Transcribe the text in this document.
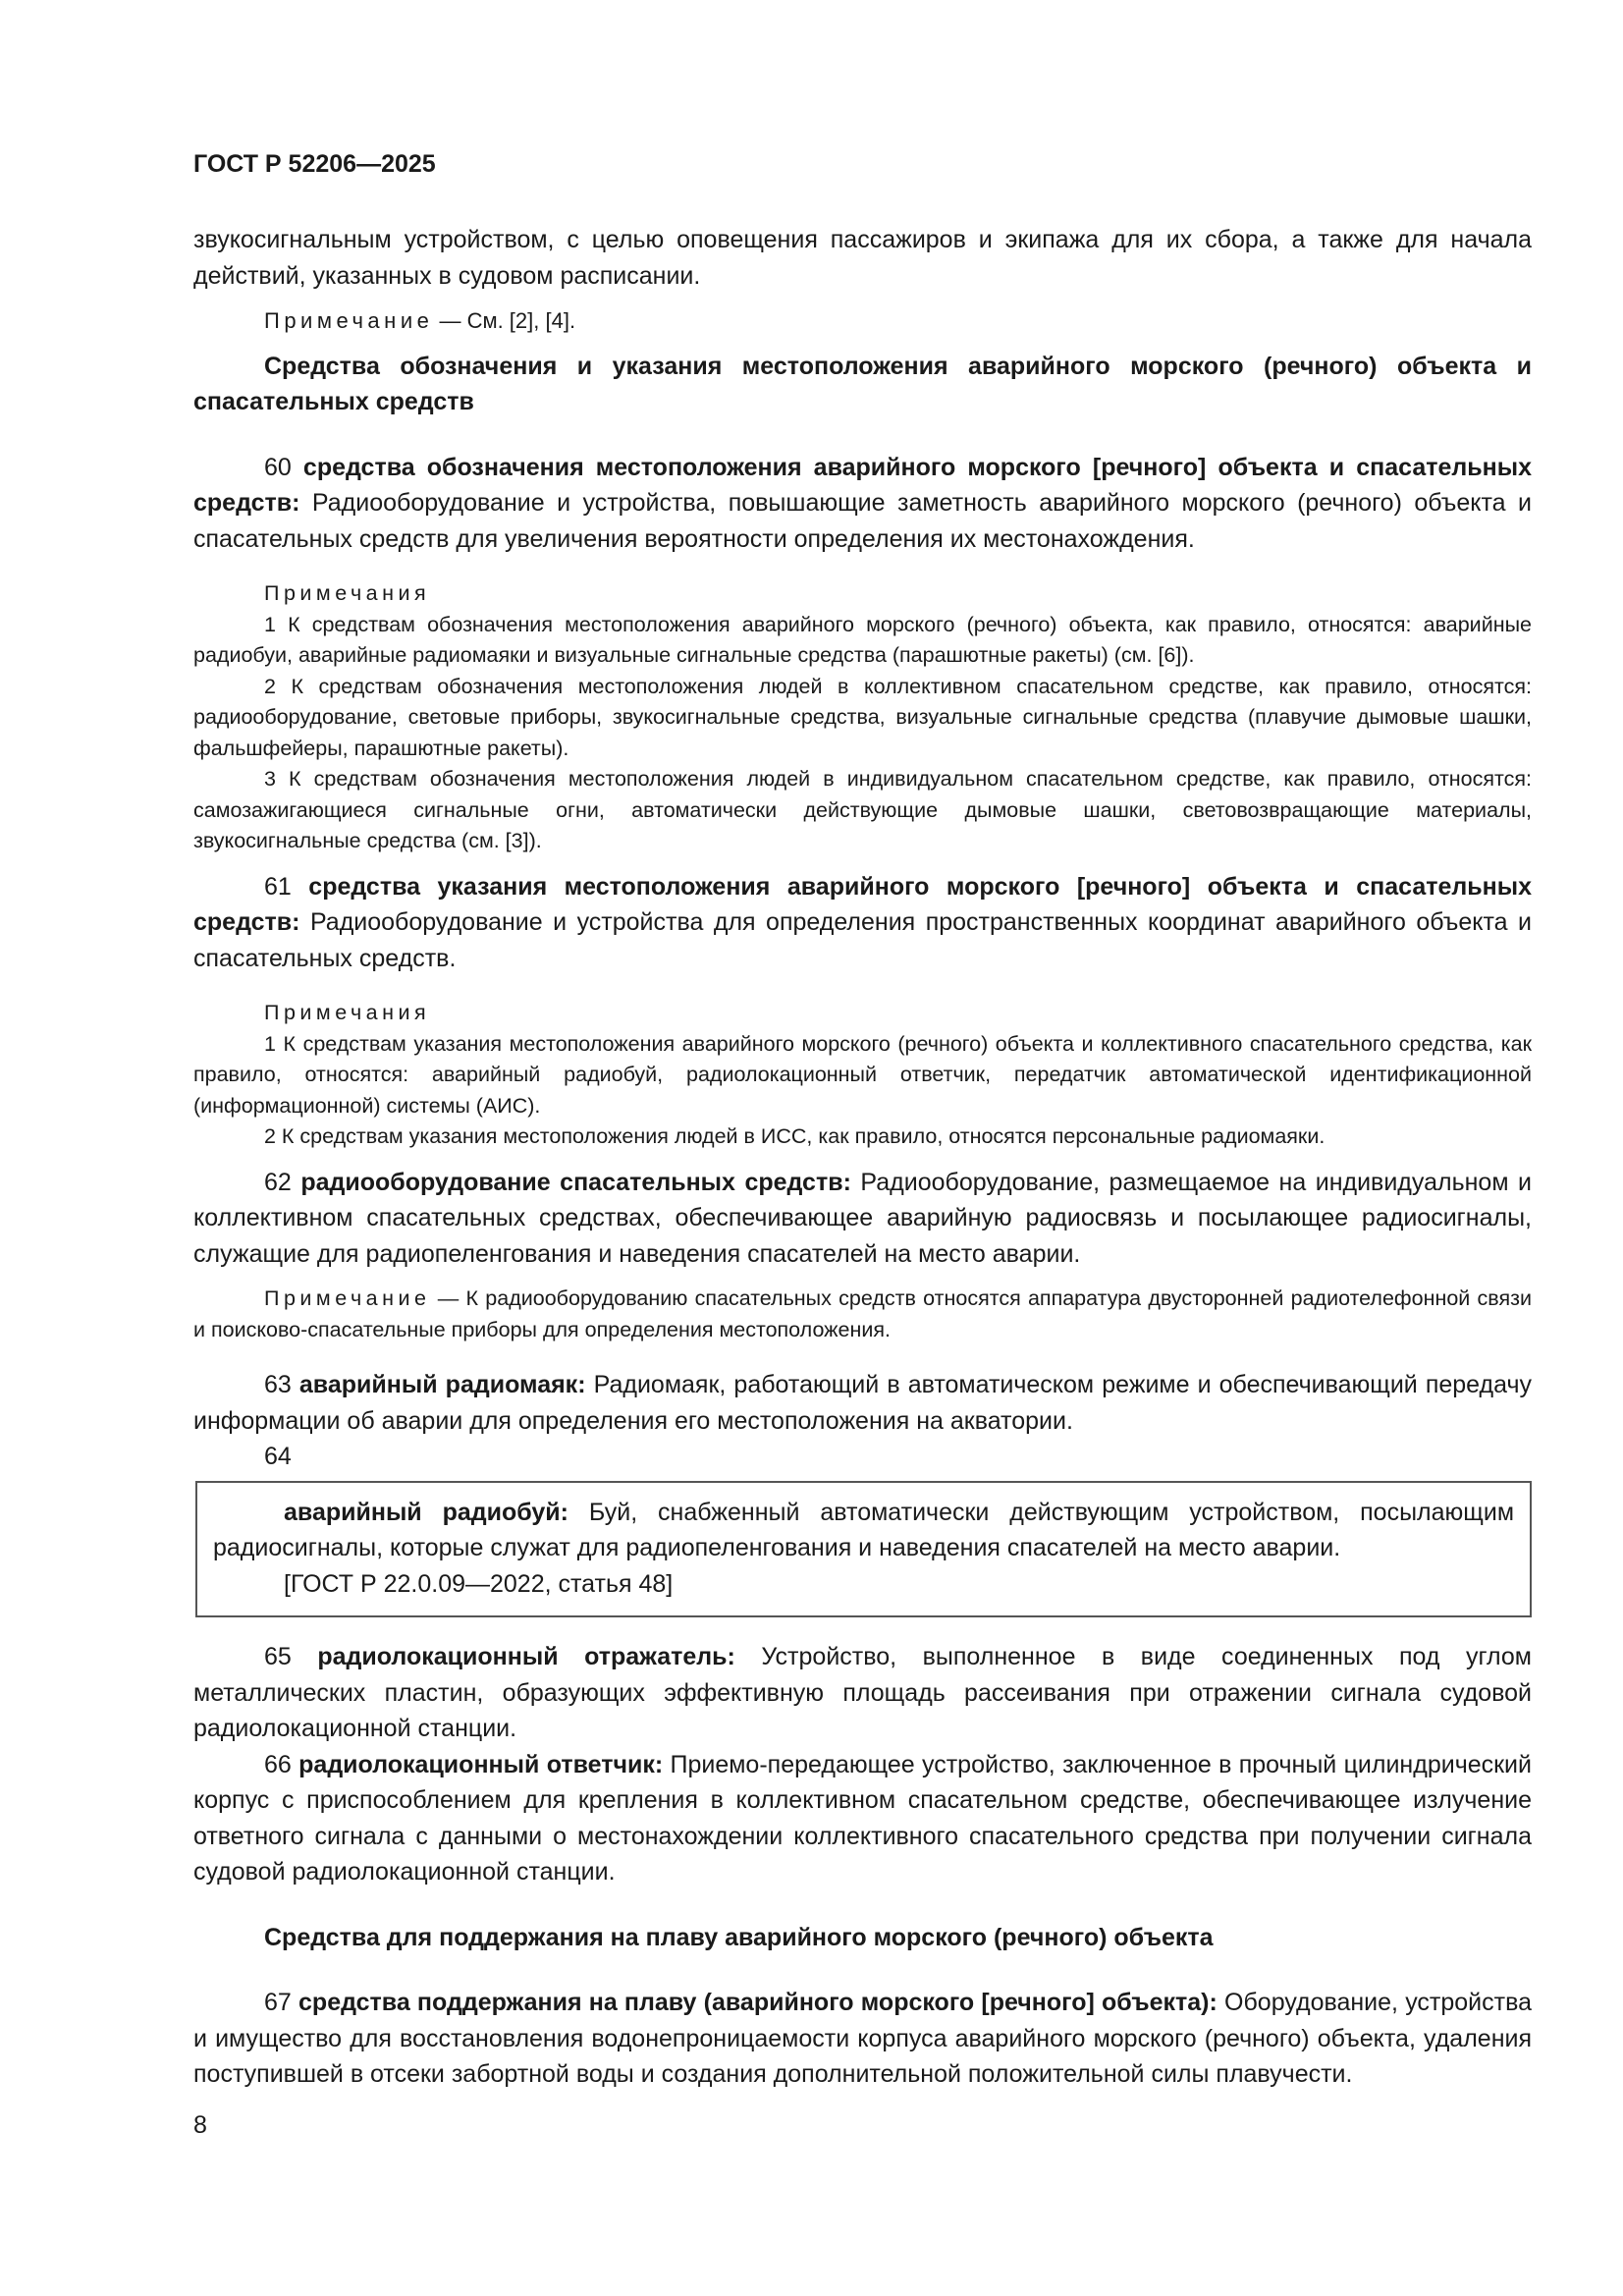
ГОСТ Р 52206—2025

звукосигнальным устройством, с целью оповещения пассажиров и экипажа для их сбора, а также для начала действий, указанных в судовом расписании.

Примечание — См. [2], [4].

Средства обозначения и указания местоположения аварийного морского (речного) объекта и спасательных средств

60 средства обозначения местоположения аварийного морского [речного] объекта и спасательных средств: Радиооборудование и устройства, повышающие заметность аварийного морского (речного) объекта и спасательных средств для увеличения вероятности определения их местонахождения.

Примечания

1 К средствам обозначения местоположения аварийного морского (речного) объекта, как правило, относятся: аварийные радиобуи, аварийные радиомаяки и визуальные сигнальные средства (парашютные ракеты) (см. [6]).

2 К средствам обозначения местоположения людей в коллективном спасательном средстве, как правило, относятся: радиооборудование, световые приборы, звукосигнальные средства, визуальные сигнальные средства (плавучие дымовые шашки, фальшфейеры, парашютные ракеты).

3 К средствам обозначения местоположения людей в индивидуальном спасательном средстве, как правило, относятся: самозажигающиеся сигнальные огни, автоматически действующие дымовые шашки, световозвращающие материалы, звукосигнальные средства (см. [3]).

61 средства указания местоположения аварийного морского [речного] объекта и спасательных средств: Радиооборудование и устройства для определения пространственных координат аварийного объекта и спасательных средств.

Примечания

1 К средствам указания местоположения аварийного морского (речного) объекта и коллективного спасательного средства, как правило, относятся: аварийный радиобуй, радиолокационный ответчик, передатчик автоматической идентификационной (информационной) системы (АИС).

2 К средствам указания местоположения людей в ИСС, как правило, относятся персональные радиомаяки.

62 радиооборудование спасательных средств: Радиооборудование, размещаемое на индивидуальном и коллективном спасательных средствах, обеспечивающее аварийную радиосвязь и посылающее радиосигналы, служащие для радиопеленгования и наведения спасателей на место аварии.

Примечание — К радиооборудованию спасательных средств относятся аппаратура двусторонней радиотелефонной связи и поисково-спасательные приборы для определения местоположения.

63 аварийный радиомаяк: Радиомаяк, работающий в автоматическом режиме и обеспечивающий передачу информации об аварии для определения его местоположения на акватории.

64

аварийный радиобуй: Буй, снабженный автоматически действующим устройством, посылающим радиосигналы, которые служат для радиопеленгования и наведения спасателей на место аварии.

[ГОСТ Р 22.0.09—2022, статья 48]

65 радиолокационный отражатель: Устройство, выполненное в виде соединенных под углом металлических пластин, образующих эффективную площадь рассеивания при отражении сигнала судовой радиолокационной станции.

66 радиолокационный ответчик: Приемо-передающее устройство, заключенное в прочный цилиндрический корпус с приспособлением для крепления в коллективном спасательном средстве, обеспечивающее излучение ответного сигнала с данными о местонахождении коллективного спасательного средства при получении сигнала судовой радиолокационной станции.

Средства для поддержания на плаву аварийного морского (речного) объекта

67 средства поддержания на плаву (аварийного морского [речного] объекта): Оборудование, устройства и имущество для восстановления водонепроницаемости корпуса аварийного морского (речного) объекта, удаления поступившей в отсеки забортной воды и создания дополнительной положительной силы плавучести.

8
